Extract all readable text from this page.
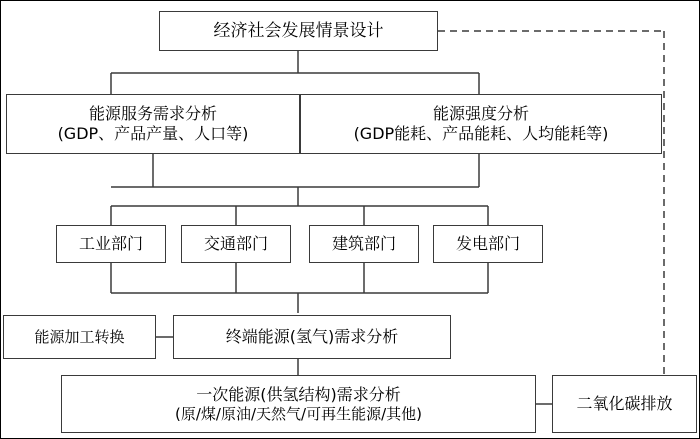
经济社会发展情景设计
能源服务需求分析
(GDP、产品产量、人口等)
能源强度分析
(GDP能耗、产品能耗、人均能耗等)
工业部门	交通部门	建筑部门	发电部门
能源加工转换	终端能源(氢气)需求分析
一次能源(供氢结构)需求分析
(原/煤/原油/天然气/可再生能源/其他)
二氧化碳排放
